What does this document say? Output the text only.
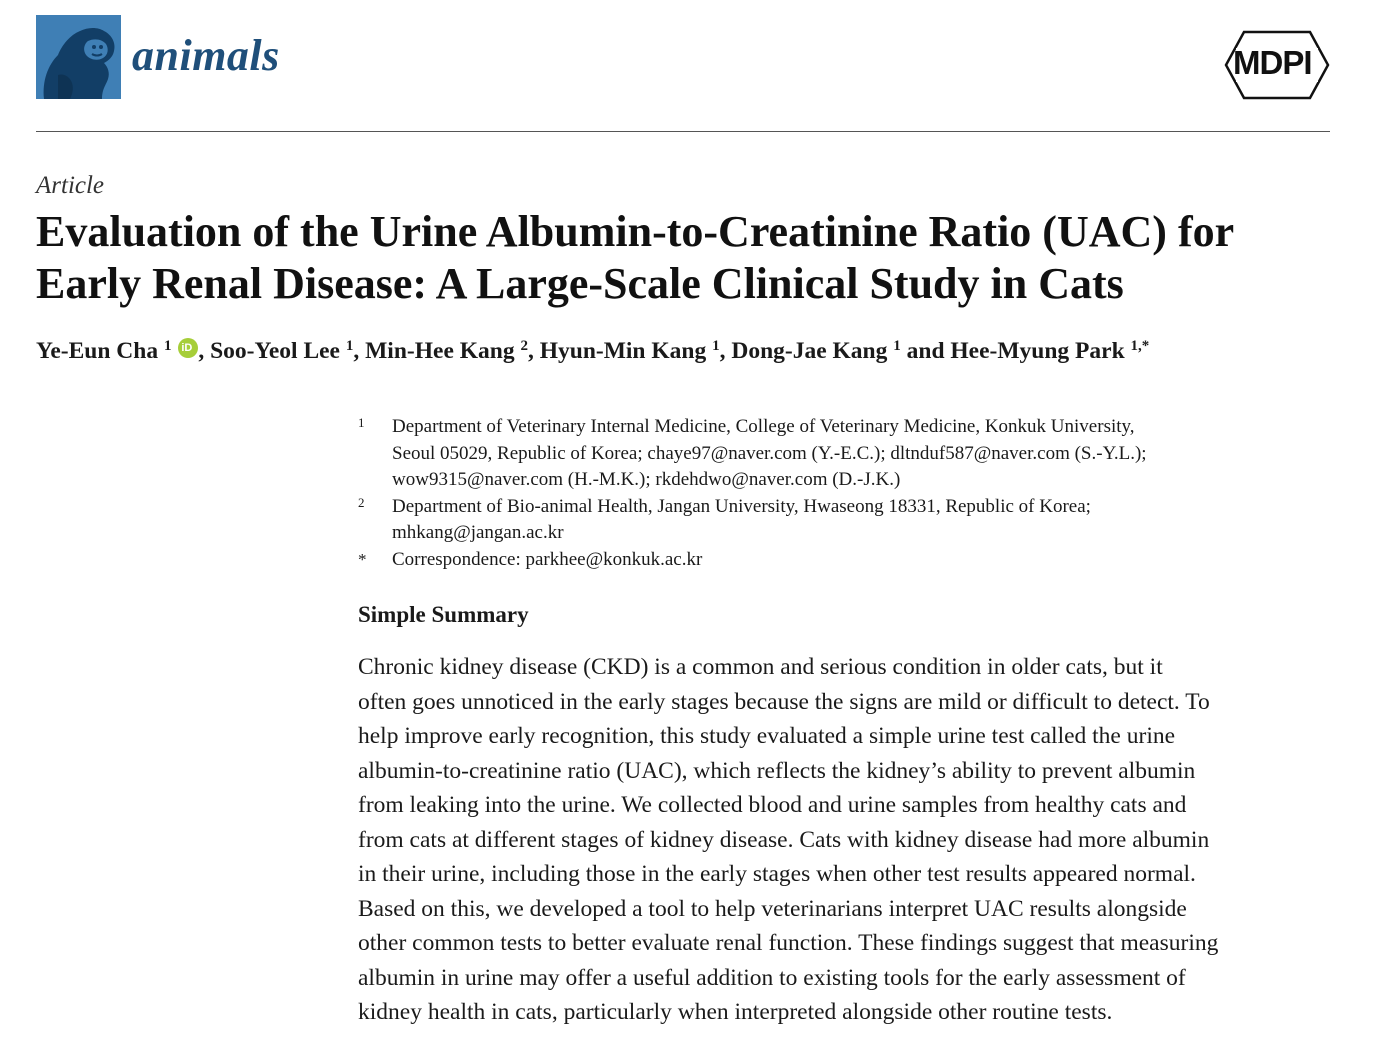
animals	MDPI
Article
Evaluation of the Urine Albumin-to-Creatinine Ratio (UAC) for
Early Renal Disease: A Large-Scale Clinical Study in Cats
Ye-Eun Cha $^1$ iD , Soo-Yeol Lee $^1$, Min-Hee Kang $^2$, Hyun-Min Kang $^1$, Dong-Jae Kang $^1$ and Hee-Myung Park $^{1,*}$
1 Department of Veterinary Internal Medicine, College of Veterinary Medicine, Konkuk University,
Seoul 05029, Republic of Korea; chaye97@naver.com (Y.-E.C.); dltnduf587@naver.com (S.-Y.L.);
wow9315@naver.com (H.-M.K.); rkdehdwo@naver.com (D.-J.K.)
2 Department of Bio-animal Health, Jangan University, Hwaseong 18331, Republic of Korea;
mhkang@jangan.ac.kr
* Correspondence: parkhee@konkuk.ac.kr
Simple Summary
Chronic kidney disease (CKD) is a common and serious condition in older cats, but it
often goes unnoticed in the early stages because the signs are mild or difficult to detect. To
help improve early recognition, this study evaluated a simple urine test called the urine
albumin-to-creatinine ratio (UAC), which reflects the kidney’s ability to prevent albumin
from leaking into the urine. We collected blood and urine samples from healthy cats and
from cats at different stages of kidney disease. Cats with kidney disease had more albumin
in their urine, including those in the early stages when other test results appeared normal.
Based on this, we developed a tool to help veterinarians interpret UAC results alongside
other common tests to better evaluate renal function. These findings suggest that measuring
albumin in urine may offer a useful addition to existing tools for the early assessment of
kidney health in cats, particularly when interpreted alongside other routine tests.
